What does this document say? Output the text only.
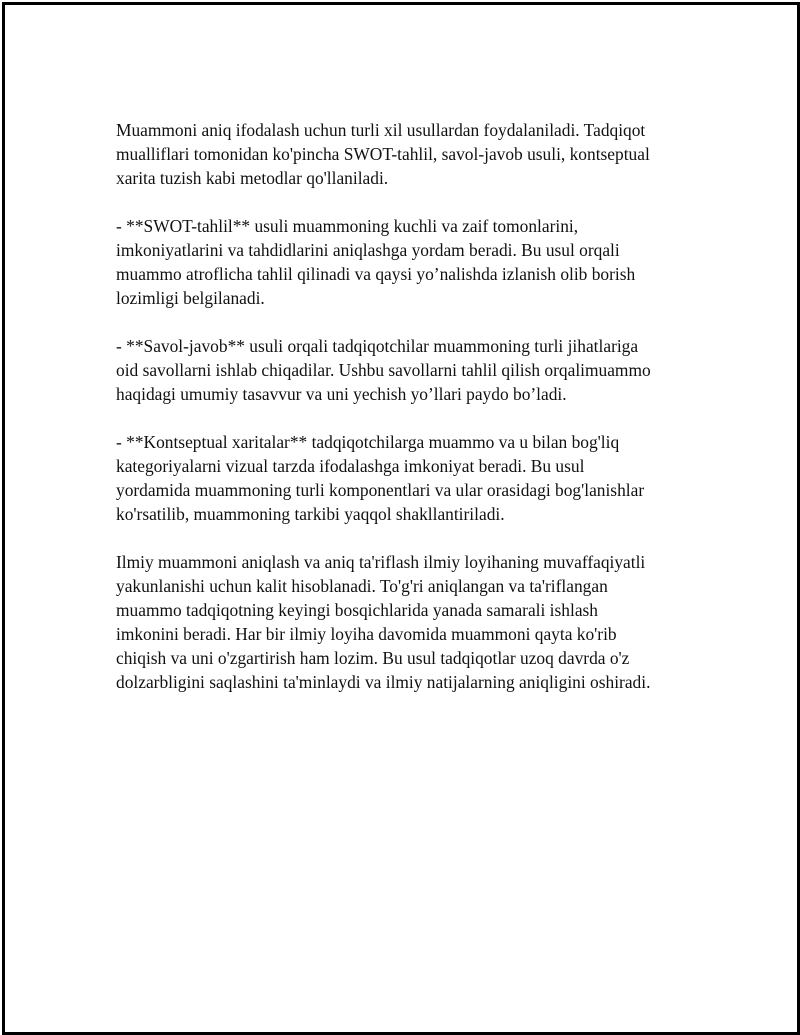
Muammoni aniq ifodalash uchun turli xil usullardan foydalaniladi. Tadqiqot
mualliflari tomonidan ko'pincha SWOT-tahlil, savol-javob usuli, kontseptual
xarita tuzish kabi metodlar qo'llaniladi.
- **SWOT-tahlil** usuli muammoning kuchli va zaif tomonlarini,
imkoniyatlarini va tahdidlarini aniqlashga yordam beradi. Bu usul orqali
muammo atroflicha tahlil qilinadi va qaysi yo’nalishda izlanish olib borish
lozimligi belgilanadi.
- **Savol-javob** usuli orqali tadqiqotchilar muammoning turli jihatlariga
oid savollarni ishlab chiqadilar. Ushbu savollarni tahlil qilish orqalimuammo
haqidagi umumiy tasavvur va uni yechish yo’llari paydo bo’ladi.
- **Kontseptual xaritalar** tadqiqotchilarga muammo va u bilan bog'liq
kategoriyalarni vizual tarzda ifodalashga imkoniyat beradi. Bu usul
yordamida muammoning turli komponentlari va ular orasidagi bog'lanishlar
ko'rsatilib, muammoning tarkibi yaqqol shakllantiriladi.
Ilmiy muammoni aniqlash va aniq ta'riflash ilmiy loyihaning muvaffaqiyatli
yakunlanishi uchun kalit hisoblanadi. To'g'ri aniqlangan va ta'riflangan
muammo tadqiqotning keyingi bosqichlarida yanada samarali ishlash
imkonini beradi. Har bir ilmiy loyiha davomida muammoni qayta ko'rib
chiqish va uni o'zgartirish ham lozim. Bu usul tadqiqotlar uzoq davrda o'z
dolzarbligini saqlashini ta'minlaydi va ilmiy natijalarning aniqligini oshiradi.
